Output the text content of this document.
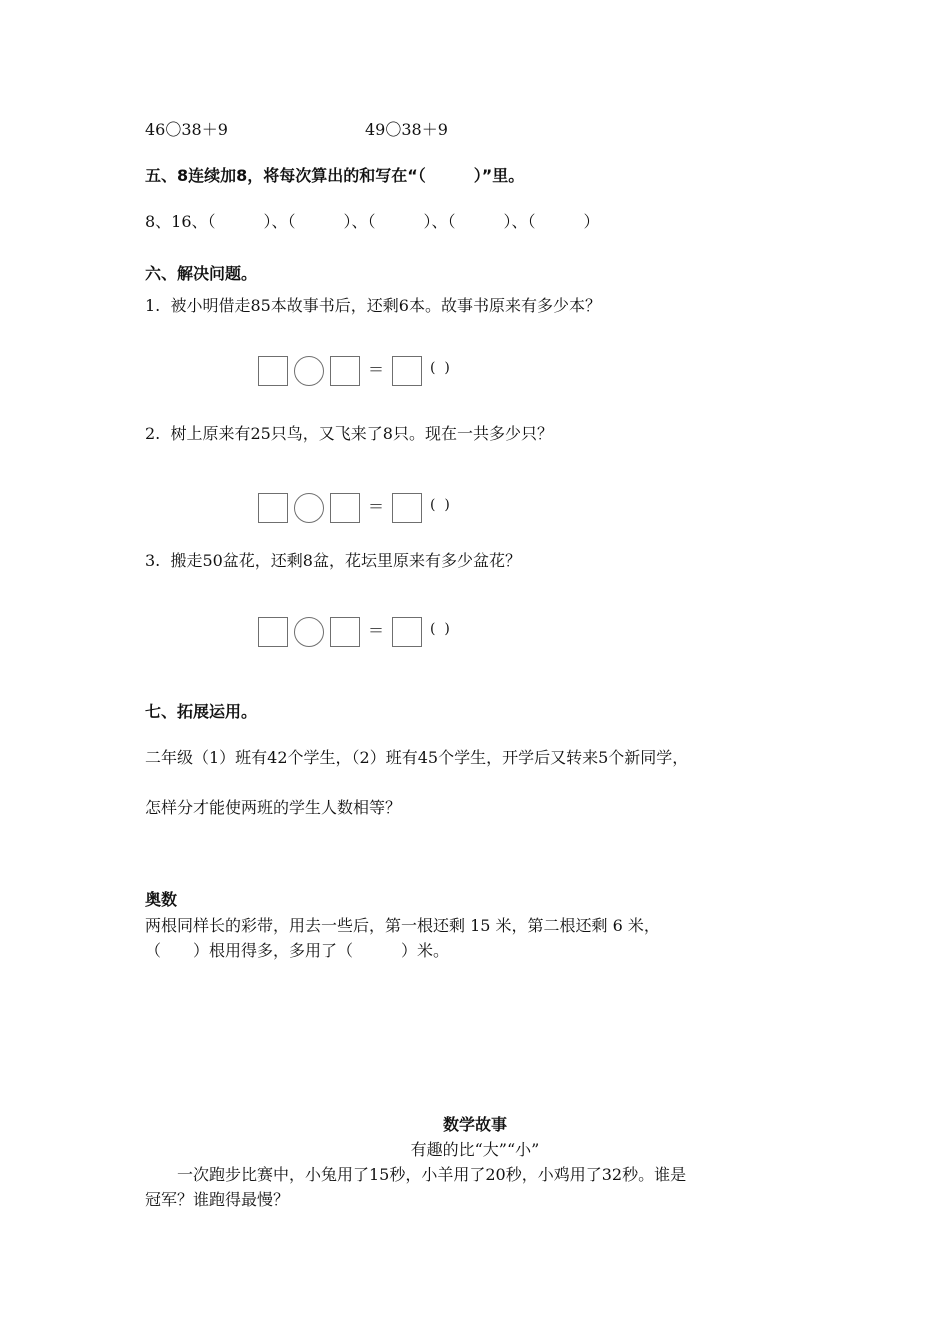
46〇38＋9	49〇38＋9
五、8连续加8，将每次算出的和写在“（　　　）”里。
8、16、（　　　）、（　　　）、（　　　）、（　　　）、（　　　）
六、解决问题。
1.  被小明借走85本故事书后，还剩6本。故事书原来有多少本？
＝	(  )
2.  树上原来有25只鸟，又飞来了8只。现在一共多少只？
＝	(  )
3.  搬走50盆花，还剩8盆，花坛里原来有多少盆花？
＝	(  )
七、拓展运用。
二年级（1）班有42个学生，（2）班有45个学生，开学后又转来5个新同学，
怎样分才能使两班的学生人数相等？
奥数
两根同样长的彩带，用去一些后，第一根还剩 15 米，第二根还剩 6 米，
（　　）根用得多，多用了（　　　）米。
数学故事
有趣的比“大”“小”
　　一次跑步比赛中，小兔用了15秒，小羊用了20秒，小鸡用了32秒。谁是
冠军？谁跑得最慢？
